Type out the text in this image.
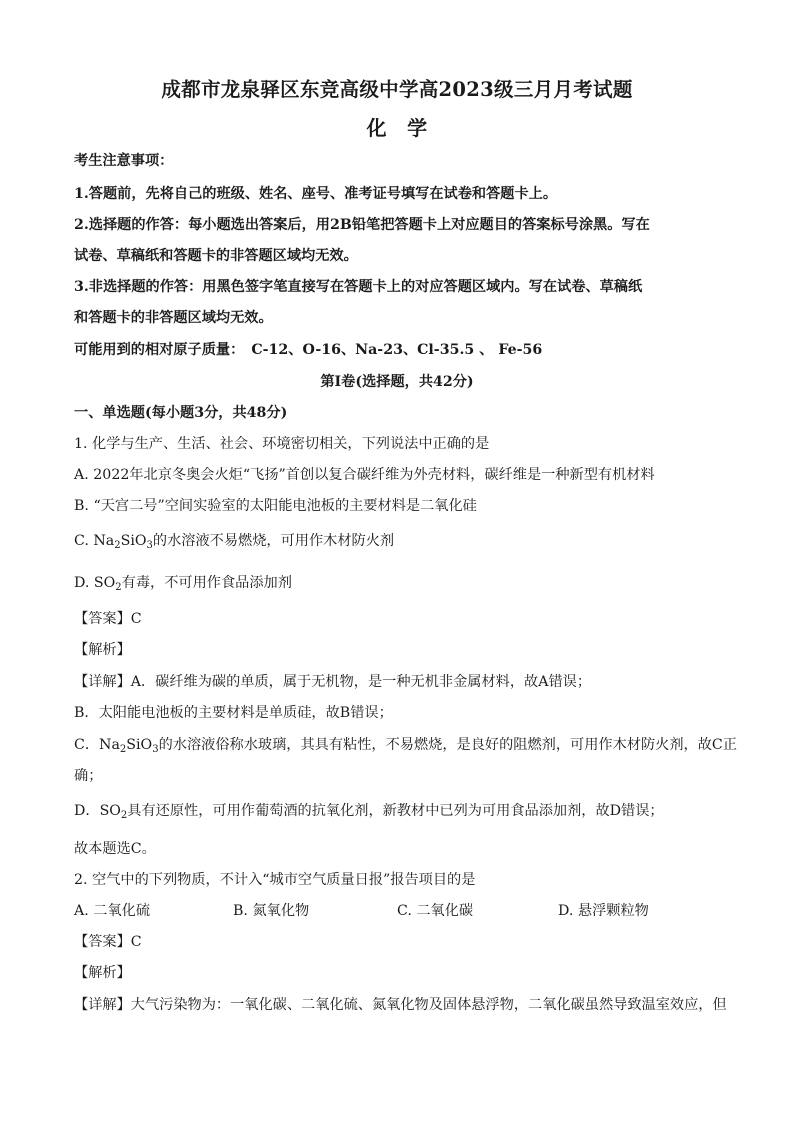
成都市龙泉驿区东竞高级中学高2023级三月月考试题
化　学
考生注意事项：
1.答题前，先将自己的班级、姓名、座号、准考证号填写在试卷和答题卡上。
2.选择题的作答：每小题选出答案后，用2B铅笔把答题卡上对应题目的答案标号涂黑。写在
试卷、草稿纸和答题卡的非答题区域均无效。
3.非选择题的作答：用黑色签字笔直接写在答题卡上的对应答题区域内。写在试卷、草稿纸
和答题卡的非答题区域均无效。
可能用到的相对原子质量：　C-12、O-16、Na-23、Cl-35.5 、 Fe-56
第Ⅰ卷(选择题，共42分)
一、单选题(每小题3分，共48分)
1. 化学与生产、生活、社会、环境密切相关，下列说法中正确的是
A. 2022年北京冬奥会火炬“飞扬”首创以复合碳纤维为外壳材料，碳纤维是一种新型有机材料
B. “天宫二号”空间实验室的太阳能电池板的主要材料是二氧化硅
C. $Na_2SiO_3$的水溶液不易燃烧，可用作木材防火剂
D. $SO_2$有毒，不可用作食品添加剂
【答案】C
【解析】
【详解】A．碳纤维为碳的单质，属于无机物，是一种无机非金属材料，故A错误；
B．太阳能电池板的主要材料是单质硅，故B错误；
C．$Na_2SiO_3$的水溶液俗称水玻璃，其具有粘性，不易燃烧，是良好的阻燃剂，可用作木材防火剂，故C正
确；
D．$SO_2$具有还原性，可用作葡萄酒的抗氧化剂，新教材中已列为可用食品添加剂，故D错误；
故本题选C。
2. 空气中的下列物质，不计入“城市空气质量日报”报告项目的是
A. 二氧化硫	B. 氮氧化物	C. 二氧化碳	D. 悬浮颗粒物
【答案】C
【解析】
【详解】大气污染物为：一氧化碳、二氧化硫、氮氧化物及固体悬浮物，二氧化碳虽然导致温室效应，但
